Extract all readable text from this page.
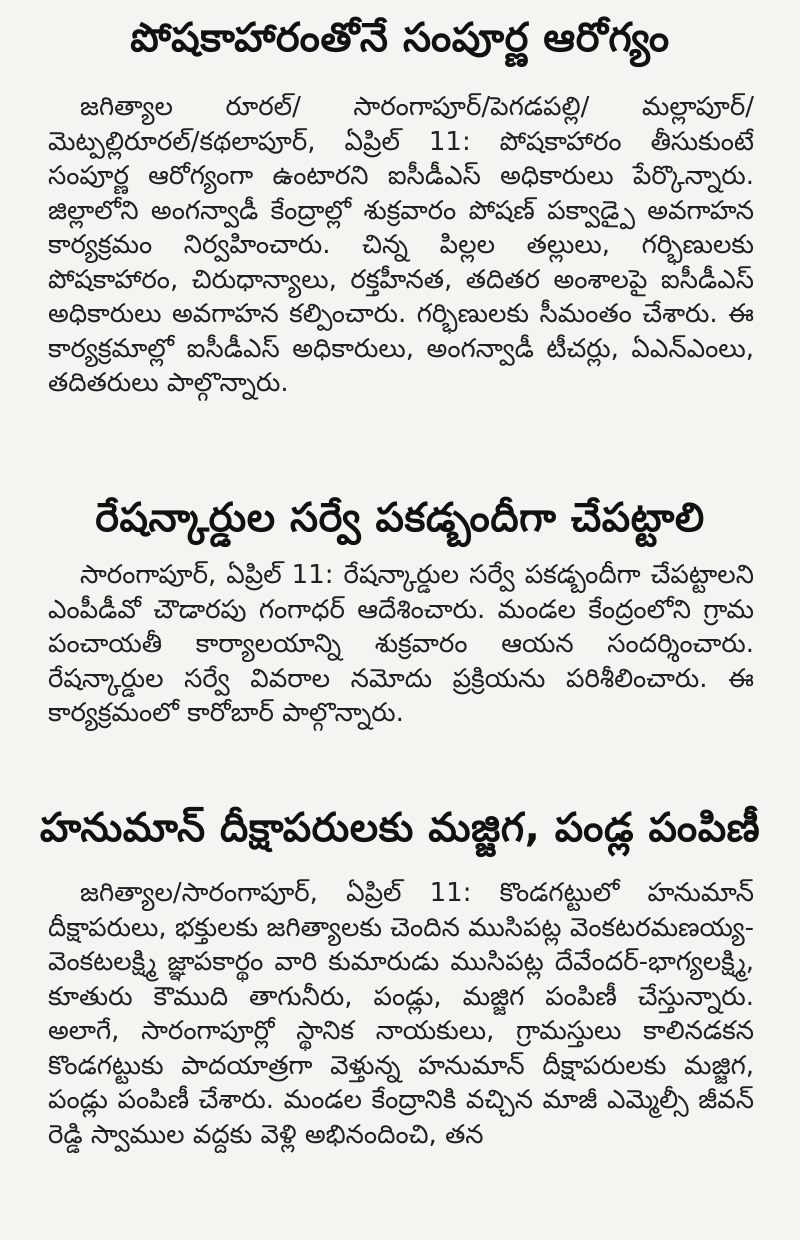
పోషకాహారంతోనే సంపూర్ణ ఆరోగ్యం

జగిత్యాల రూరల్/ సారంగాపూర్/పెగడపల్లి/ మల్లాపూర్/మెట్పల్లిరూరల్/కథలాపూర్, ఏప్రిల్ 11: పోషకాహారం తీసుకుంటే సంపూర్ణ ఆరోగ్యంగా ఉంటారని ఐసీడీఎస్ అధికారులు పేర్కొన్నారు. జిల్లాలోని అంగన్వాడీ కేంద్రాల్లో శుక్రవారం పోషణ్ పక్వాడ్పై అవగాహన కార్యక్రమం నిర్వహించారు. చిన్న పిల్లల తల్లులు, గర్భిణులకు పోషకాహారం, చిరుధాన్యాలు, రక్తహీనత, తదితర అంశాలపై ఐసీడీఎస్ అధికారులు అవగాహన కల్పించారు. గర్భిణులకు సీమంతం చేశారు. ఈ కార్యక్రమాల్లో ఐసీడీఎస్ అధికారులు, అంగన్వాడీ టీచర్లు, ఏఎన్ఎంలు, తదితరులు పాల్గొన్నారు.

రేషన్కార్డుల సర్వే పకడ్బందీగా చేపట్టాలి

సారంగాపూర్, ఏప్రిల్ 11: రేషన్కార్డుల సర్వే పకడ్బందీగా చేపట్టాలని ఎంపీడీవో చౌడారపు గంగాధర్ ఆదేశించారు. మండల కేంద్రంలోని గ్రామ పంచాయతీ కార్యాలయాన్ని శుక్రవారం ఆయన సందర్శించారు. రేషన్కార్డుల సర్వే వివరాల నమోదు ప్రక్రియను పరిశీలించారు. ఈ కార్యక్రమంలో కారోబార్ పాల్గొన్నారు.

హనుమాన్ దీక్షాపరులకు మజ్జిగ, పండ్ల పంపిణీ

జగిత్యాల/సారంగాపూర్, ఏప్రిల్ 11: కొండగట్టులో హనుమాన్ దీక్షాపరులు, భక్తులకు జగిత్యాలకు చెందిన ముసిపట్ల వెంకటరమణయ్య-వెంకటలక్ష్మి జ్ఞాపకార్థం వారి కుమారుడు ముసిపట్ల దేవేందర్-భాగ్యలక్ష్మి, కూతురు కౌముది తాగునీరు, పండ్లు, మజ్జిగ పంపిణీ చేస్తున్నారు. అలాగే, సారంగాపూర్లో స్థానిక నాయకులు, గ్రామస్తులు కాలినడకన కొండగట్టుకు పాదయాత్రగా వెళ్తున్న హనుమాన్ దీక్షాపరులకు మజ్జిగ, పండ్లు పంపిణీ చేశారు. మండల కేంద్రానికి వచ్చిన మాజీ ఎమ్మెల్సీ జీవన్ రెడ్డి స్వాముల వద్దకు వెళ్లి అభినందించి, తన
